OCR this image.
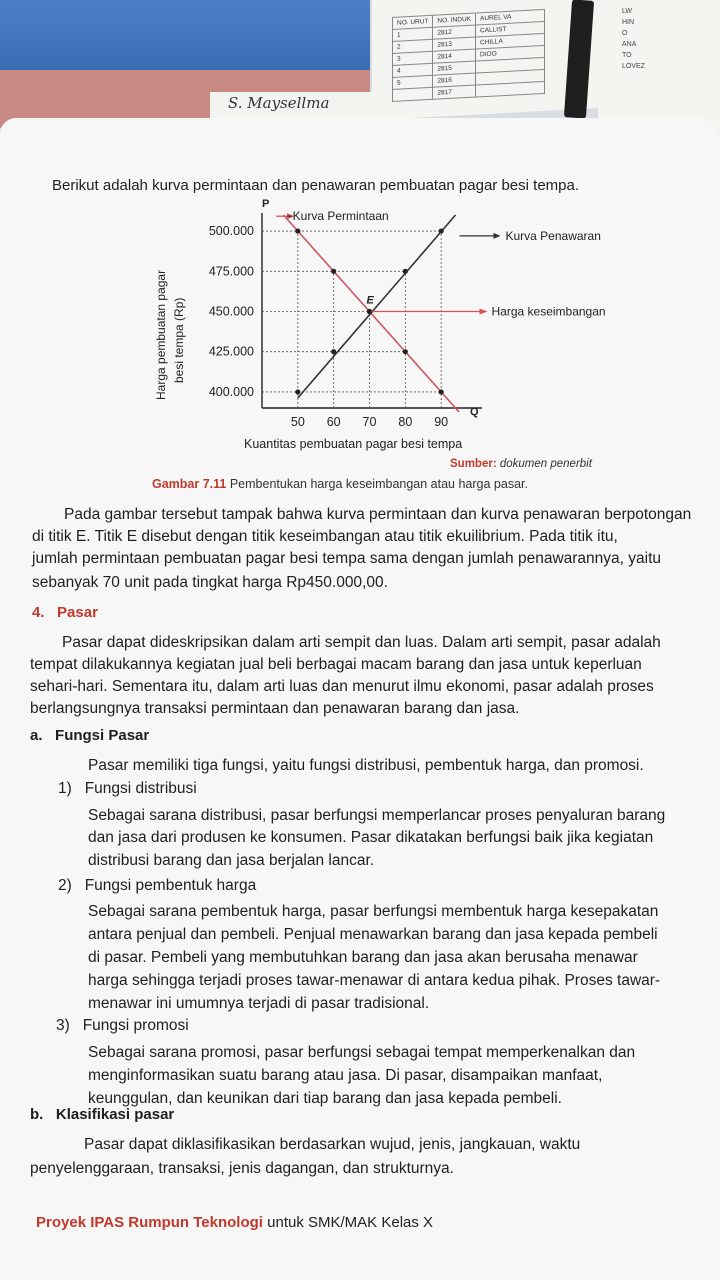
S. Maysellma
NO. URUT	NO. INDUK	AUREL VA
1	2812	CALLIST
2	2813	CHILLA
3	2814	DIOO
4	2815	
5	2816	
	2817	
LW
HIN
O
ANA
TO
LOVEZ
Berikut adalah kurva permintaan dan penawaran pembuatan pagar besi tempa.
P
Q
Harga pembuatan pagar besi tempa (Rp)
Kuantitas pembuatan pagar besi tempa
500.000
475.000
450.000
425.000
400.000
50 60 70 80 90
E
Kurva Permintaan
Kurva Penawaran
Harga keseimbangan
Sumber: dokumen penerbit
Gambar 7.11 Pembentukan harga keseimbangan atau harga pasar.
Pada gambar tersebut tampak bahwa kurva permintaan dan kurva penawaran berpotongan
di titik E. Titik E disebut dengan titik keseimbangan atau titik ekuilibrium. Pada titik itu,
jumlah permintaan pembuatan pagar besi tempa sama dengan jumlah penawarannya, yaitu
sebanyak 70 unit pada tingkat harga Rp450.000,00.
4. Pasar
Pasar dapat dideskripsikan dalam arti sempit dan luas. Dalam arti sempit, pasar adalah
tempat dilakukannya kegiatan jual beli berbagai macam barang dan jasa untuk keperluan
sehari-hari. Sementara itu, dalam arti luas dan menurut ilmu ekonomi, pasar adalah proses
berlangsungnya transaksi permintaan dan penawaran barang dan jasa.
a. Fungsi Pasar
Pasar memiliki tiga fungsi, yaitu fungsi distribusi, pembentuk harga, dan promosi.
1) Fungsi distribusi
Sebagai sarana distribusi, pasar berfungsi memperlancar proses penyaluran barang
dan jasa dari produsen ke konsumen. Pasar dikatakan berfungsi baik jika kegiatan
distribusi barang dan jasa berjalan lancar.
2) Fungsi pembentuk harga
Sebagai sarana pembentuk harga, pasar berfungsi membentuk harga kesepakatan
antara penjual dan pembeli. Penjual menawarkan barang dan jasa kepada pembeli
di pasar. Pembeli yang membutuhkan barang dan jasa akan berusaha menawar
harga sehingga terjadi proses tawar-menawar di antara kedua pihak. Proses tawar-
menawar ini umumnya terjadi di pasar tradisional.
3) Fungsi promosi
Sebagai sarana promosi, pasar berfungsi sebagai tempat memperkenalkan dan
menginformasikan suatu barang atau jasa. Di pasar, disampaikan manfaat,
keunggulan, dan keunikan dari tiap barang dan jasa kepada pembeli.
b. Klasifikasi pasar
Pasar dapat diklasifikasikan berdasarkan wujud, jenis, jangkauan, waktu
penyelenggaraan, transaksi, jenis dagangan, dan strukturnya.
Proyek IPAS Rumpun Teknologi untuk SMK/MAK Kelas X
